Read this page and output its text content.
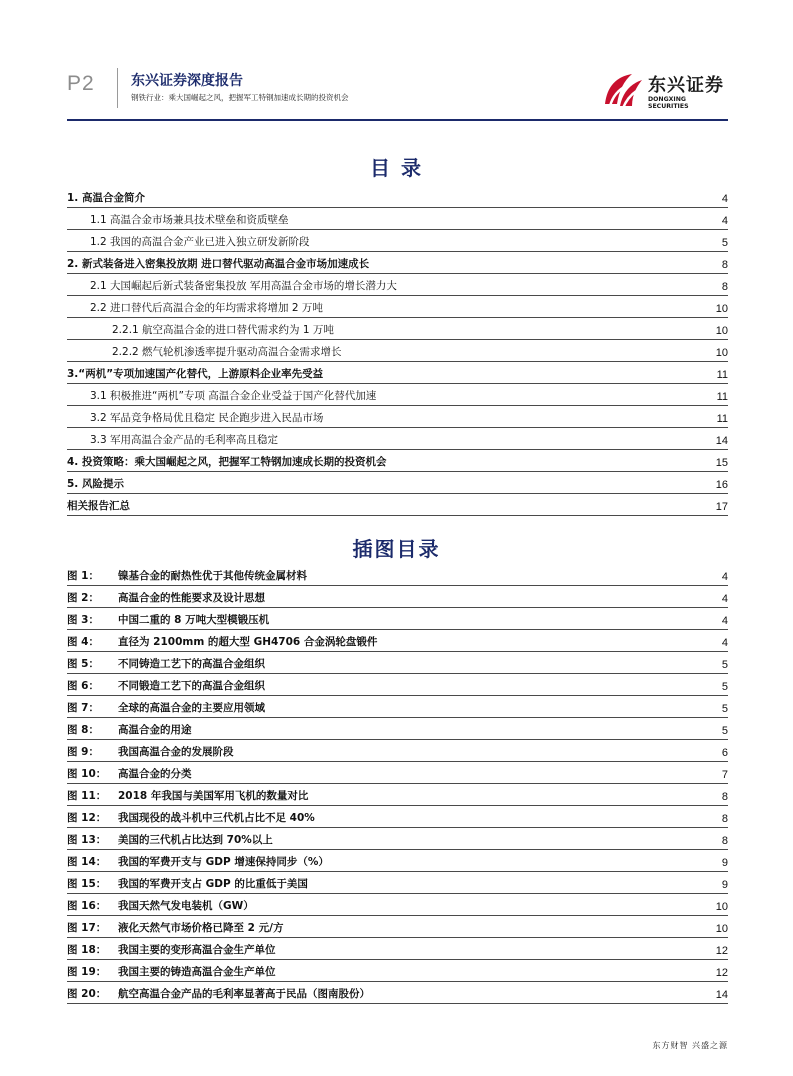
P2	东兴证券深度报告
钢铁行业：乘大国崛起之风，把握军工特钢加速成长期的投资机会
东兴证券
DONGXING SECURITIES
目 录
1. 高温合金简介	4
1.1 高温合金市场兼具技术壁垒和资质壁垒	4
1.2 我国的高温合金产业已进入独立研发新阶段	5
2. 新式装备进入密集投放期 进口替代驱动高温合金市场加速成长	8
2.1 大国崛起后新式装备密集投放 军用高温合金市场的增长潜力大	8
2.2 进口替代后高温合金的年均需求将增加 2 万吨	10
2.2.1 航空高温合金的进口替代需求约为 1 万吨	10
2.2.2 燃气轮机渗透率提升驱动高温合金需求增长	10
3.“两机”专项加速国产化替代，上游原料企业率先受益	11
3.1 积极推进“两机”专项 高温合金企业受益于国产化替代加速	11
3.2 军品竞争格局优且稳定 民企跑步进入民品市场	11
3.3 军用高温合金产品的毛利率高且稳定	14
4. 投资策略：乘大国崛起之风，把握军工特钢加速成长期的投资机会	15
5. 风险提示	16
相关报告汇总	17
插图目录
图 1： 镍基合金的耐热性优于其他传统金属材料	4
图 2： 高温合金的性能要求及设计思想	4
图 3： 中国二重的 8 万吨大型模锻压机	4
图 4： 直径为 2100mm 的超大型 GH4706 合金涡轮盘锻件	4
图 5： 不同铸造工艺下的高温合金组织	5
图 6： 不同锻造工艺下的高温合金组织	5
图 7： 全球的高温合金的主要应用领域	5
图 8： 高温合金的用途	5
图 9： 我国高温合金的发展阶段	6
图 10： 高温合金的分类	7
图 11： 2018 年我国与美国军用飞机的数量对比	8
图 12： 我国现役的战斗机中三代机占比不足 40%	8
图 13： 美国的三代机占比达到 70%以上	8
图 14： 我国的军费开支与 GDP 增速保持同步（%）	9
图 15： 我国的军费开支占 GDP 的比重低于美国	9
图 16： 我国天然气发电装机（GW）	10
图 17： 液化天然气市场价格已降至 2 元/方	10
图 18： 我国主要的变形高温合金生产单位	12
图 19： 我国主要的铸造高温合金生产单位	12
图 20： 航空高温合金产品的毛利率显著高于民品（图南股份）	14
东方财智 兴盛之源
